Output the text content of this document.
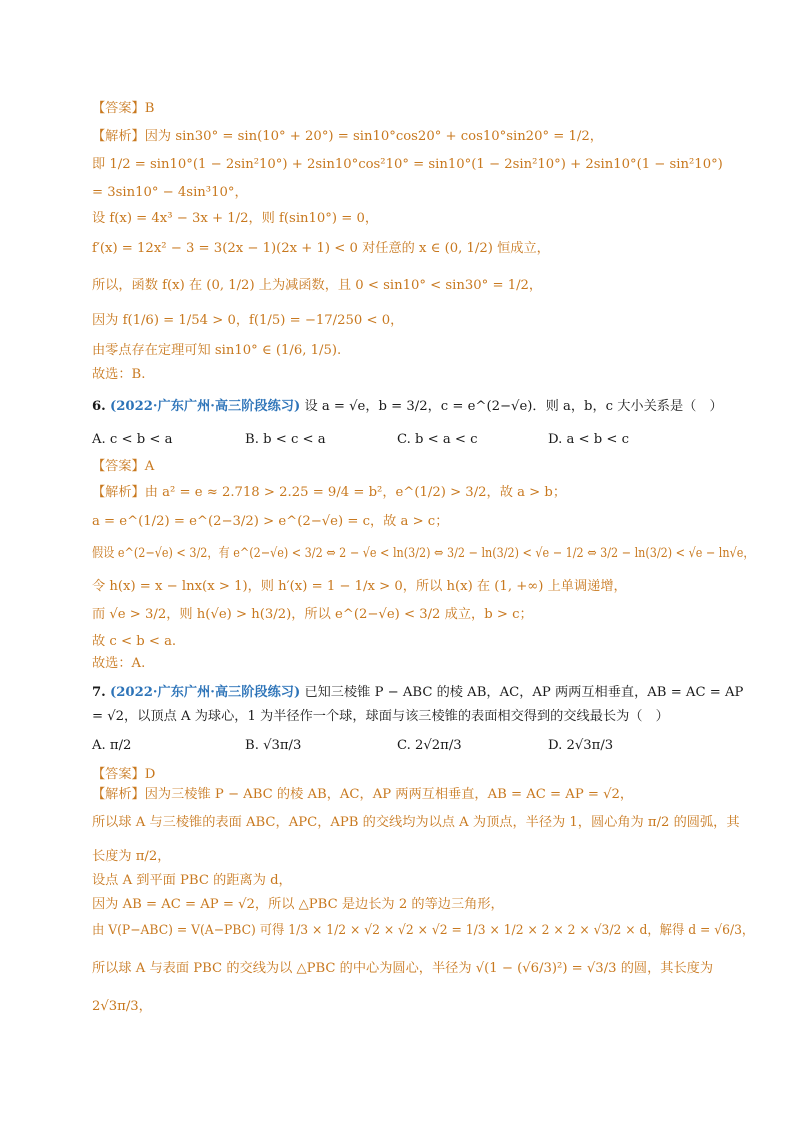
【答案】B
【解析】因为 sin30° = sin(10° + 20°) = sin10°cos20° + cos10°sin20° = 1/2，
即 1/2 = sin10°(1 − 2sin²10°) + 2sin10°cos²10° = sin10°(1 − 2sin²10°) + 2sin10°(1 − sin²10°)
= 3sin10° − 4sin³10°，
设 f(x) = 4x³ − 3x + 1/2，则 f(sin10°) = 0，
f′(x) = 12x² − 3 = 3(2x − 1)(2x + 1) < 0 对任意的 x ∈ (0, 1/2) 恒成立，
所以，函数 f(x) 在 (0, 1/2) 上为减函数，且 0 < sin10° < sin30° = 1/2，
因为 f(1/6) = 1/54 > 0，f(1/5) = −17/250 < 0，
由零点存在定理可知 sin10° ∈ (1/6, 1/5).
故选：B.
6. (2022·广东广州·高三阶段练习) 设 a = √e，b = 3/2，c = e^(2−√e)．则 a，b，c 大小关系是（　）
A. c < b < a	B. b < c < a	C. b < a < c	D. a < b < c
【答案】A
【解析】由 a² = e ≈ 2.718 > 2.25 = 9/4 = b²，e^(1/2) > 3/2，故 a > b；
a = e^(1/2) = e^(2−3/2) > e^(2−√e) = c，故 a > c；
假设 e^(2−√e) < 3/2，有 e^(2−√e) < 3/2 ⇔ 2 − √e < ln(3/2) ⇔ 3/2 − ln(3/2) < √e − 1/2 ⇔ 3/2 − ln(3/2) < √e − ln√e，
令 h(x) = x − lnx(x > 1)，则 h′(x) = 1 − 1/x > 0，所以 h(x) 在 (1, +∞) 上单调递增，
而 √e > 3/2，则 h(√e) > h(3/2)，所以 e^(2−√e) < 3/2 成立，b > c；
故 c < b < a.
故选：A.
7. (2022·广东广州·高三阶段练习) 已知三棱锥 P − ABC 的棱 AB，AC，AP 两两互相垂直，AB = AC = AP
= √2，以顶点 A 为球心，1 为半径作一个球，球面与该三棱锥的表面相交得到的交线最长为（　）
A. π/2	B. √3π/3	C. 2√2π/3	D. 2√3π/3
【答案】D
【解析】因为三棱锥 P − ABC 的棱 AB，AC，AP 两两互相垂直，AB = AC = AP = √2，
所以球 A 与三棱锥的表面 ABC，APC，APB 的交线均为以点 A 为顶点，半径为 1，圆心角为 π/2 的圆弧，其
长度为 π/2，
设点 A 到平面 PBC 的距离为 d，
因为 AB = AC = AP = √2，所以 △PBC 是边长为 2 的等边三角形，
由 V(P−ABC) = V(A−PBC) 可得 1/3 × 1/2 × √2 × √2 × √2 = 1/3 × 1/2 × 2 × 2 × √3/2 × d，解得 d = √6/3，
所以球 A 与表面 PBC 的交线为以 △PBC 的中心为圆心，半径为 √(1 − (√6/3)²) = √3/3 的圆，其长度为
2√3π/3，
